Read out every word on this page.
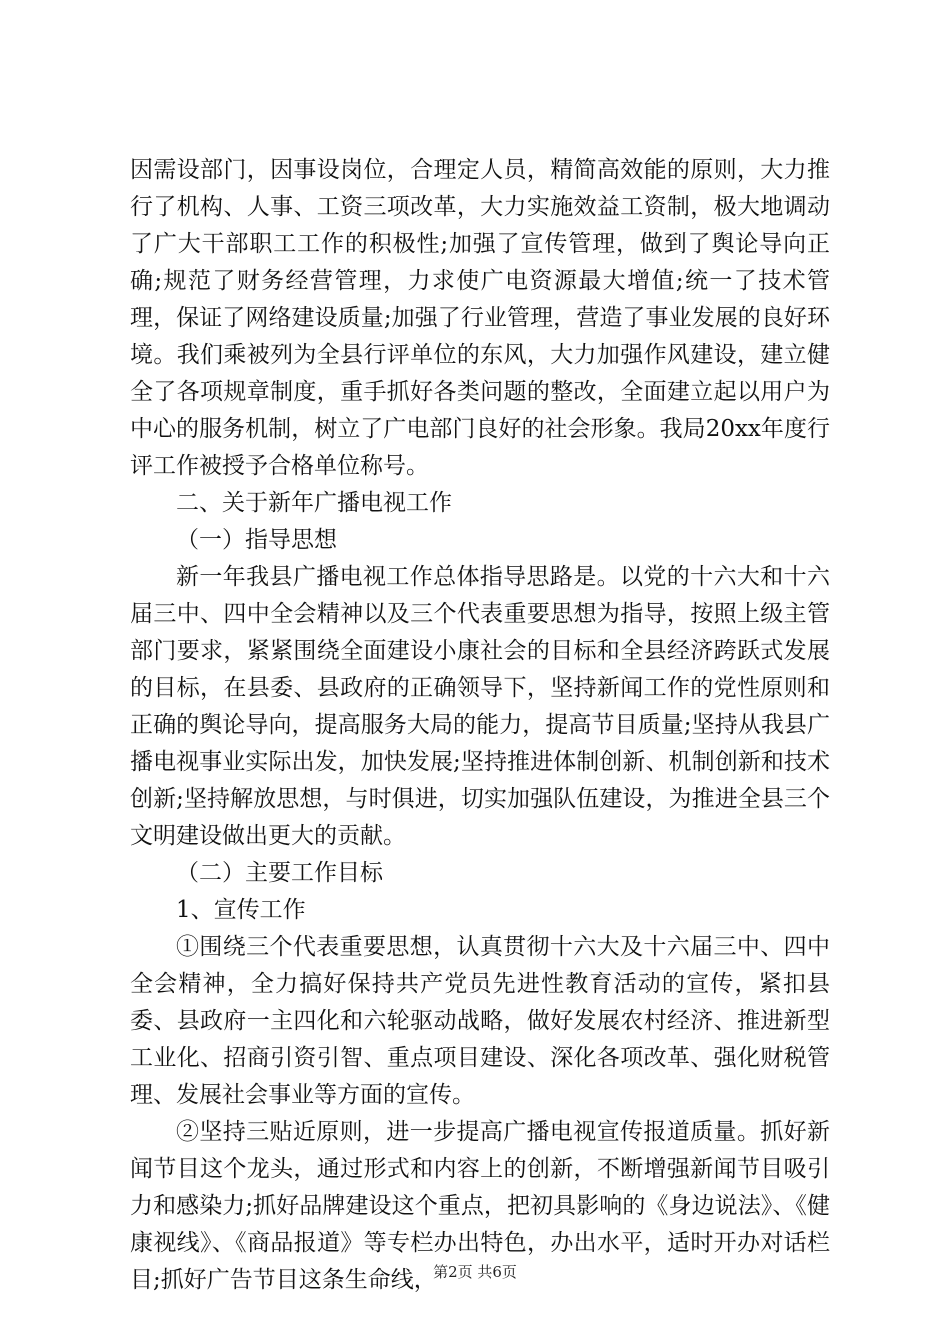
因需设部门，因事设岗位，合理定人员，精简高效能的原则，大力推行了机构、人事、工资三项改革，大力实施效益工资制，极大地调动了广大干部职工工作的积极性;加强了宣传管理，做到了舆论导向正确;规范了财务经营管理，力求使广电资源最大增值;统一了技术管理，保证了网络建设质量;加强了行业管理，营造了事业发展的良好环境。我们乘被列为全县行评单位的东风，大力加强作风建设，建立健全了各项规章制度，重手抓好各类问题的整改，全面建立起以用户为中心的服务机制，树立了广电部门良好的社会形象。我局20xx年度行评工作被授予合格单位称号。

二、关于新年广播电视工作

（一）指导思想

新一年我县广播电视工作总体指导思路是。以党的十六大和十六届三中、四中全会精神以及三个代表重要思想为指导，按照上级主管部门要求，紧紧围绕全面建设小康社会的目标和全县经济跨跃式发展的目标，在县委、县政府的正确领导下，坚持新闻工作的党性原则和正确的舆论导向，提高服务大局的能力，提高节目质量;坚持从我县广播电视事业实际出发，加快发展;坚持推进体制创新、机制创新和技术创新;坚持解放思想，与时俱进，切实加强队伍建设，为推进全县三个文明建设做出更大的贡献。

（二）主要工作目标

1、宣传工作

①围绕三个代表重要思想，认真贯彻十六大及十六届三中、四中全会精神，全力搞好保持共产党员先进性教育活动的宣传，紧扣县委、县政府一主四化和六轮驱动战略，做好发展农村经济、推进新型工业化、招商引资引智、重点项目建设、深化各项改革、强化财税管理、发展社会事业等方面的宣传。

②坚持三贴近原则，进一步提高广播电视宣传报道质量。抓好新闻节目这个龙头，通过形式和内容上的创新，不断增强新闻节目吸引力和感染力;抓好品牌建设这个重点，把初具影响的《身边说法》、《健康视线》、《商品报道》等专栏办出特色，办出水平，适时开办对话栏目;抓好广告节目这条生命线，

第2页 共6页
